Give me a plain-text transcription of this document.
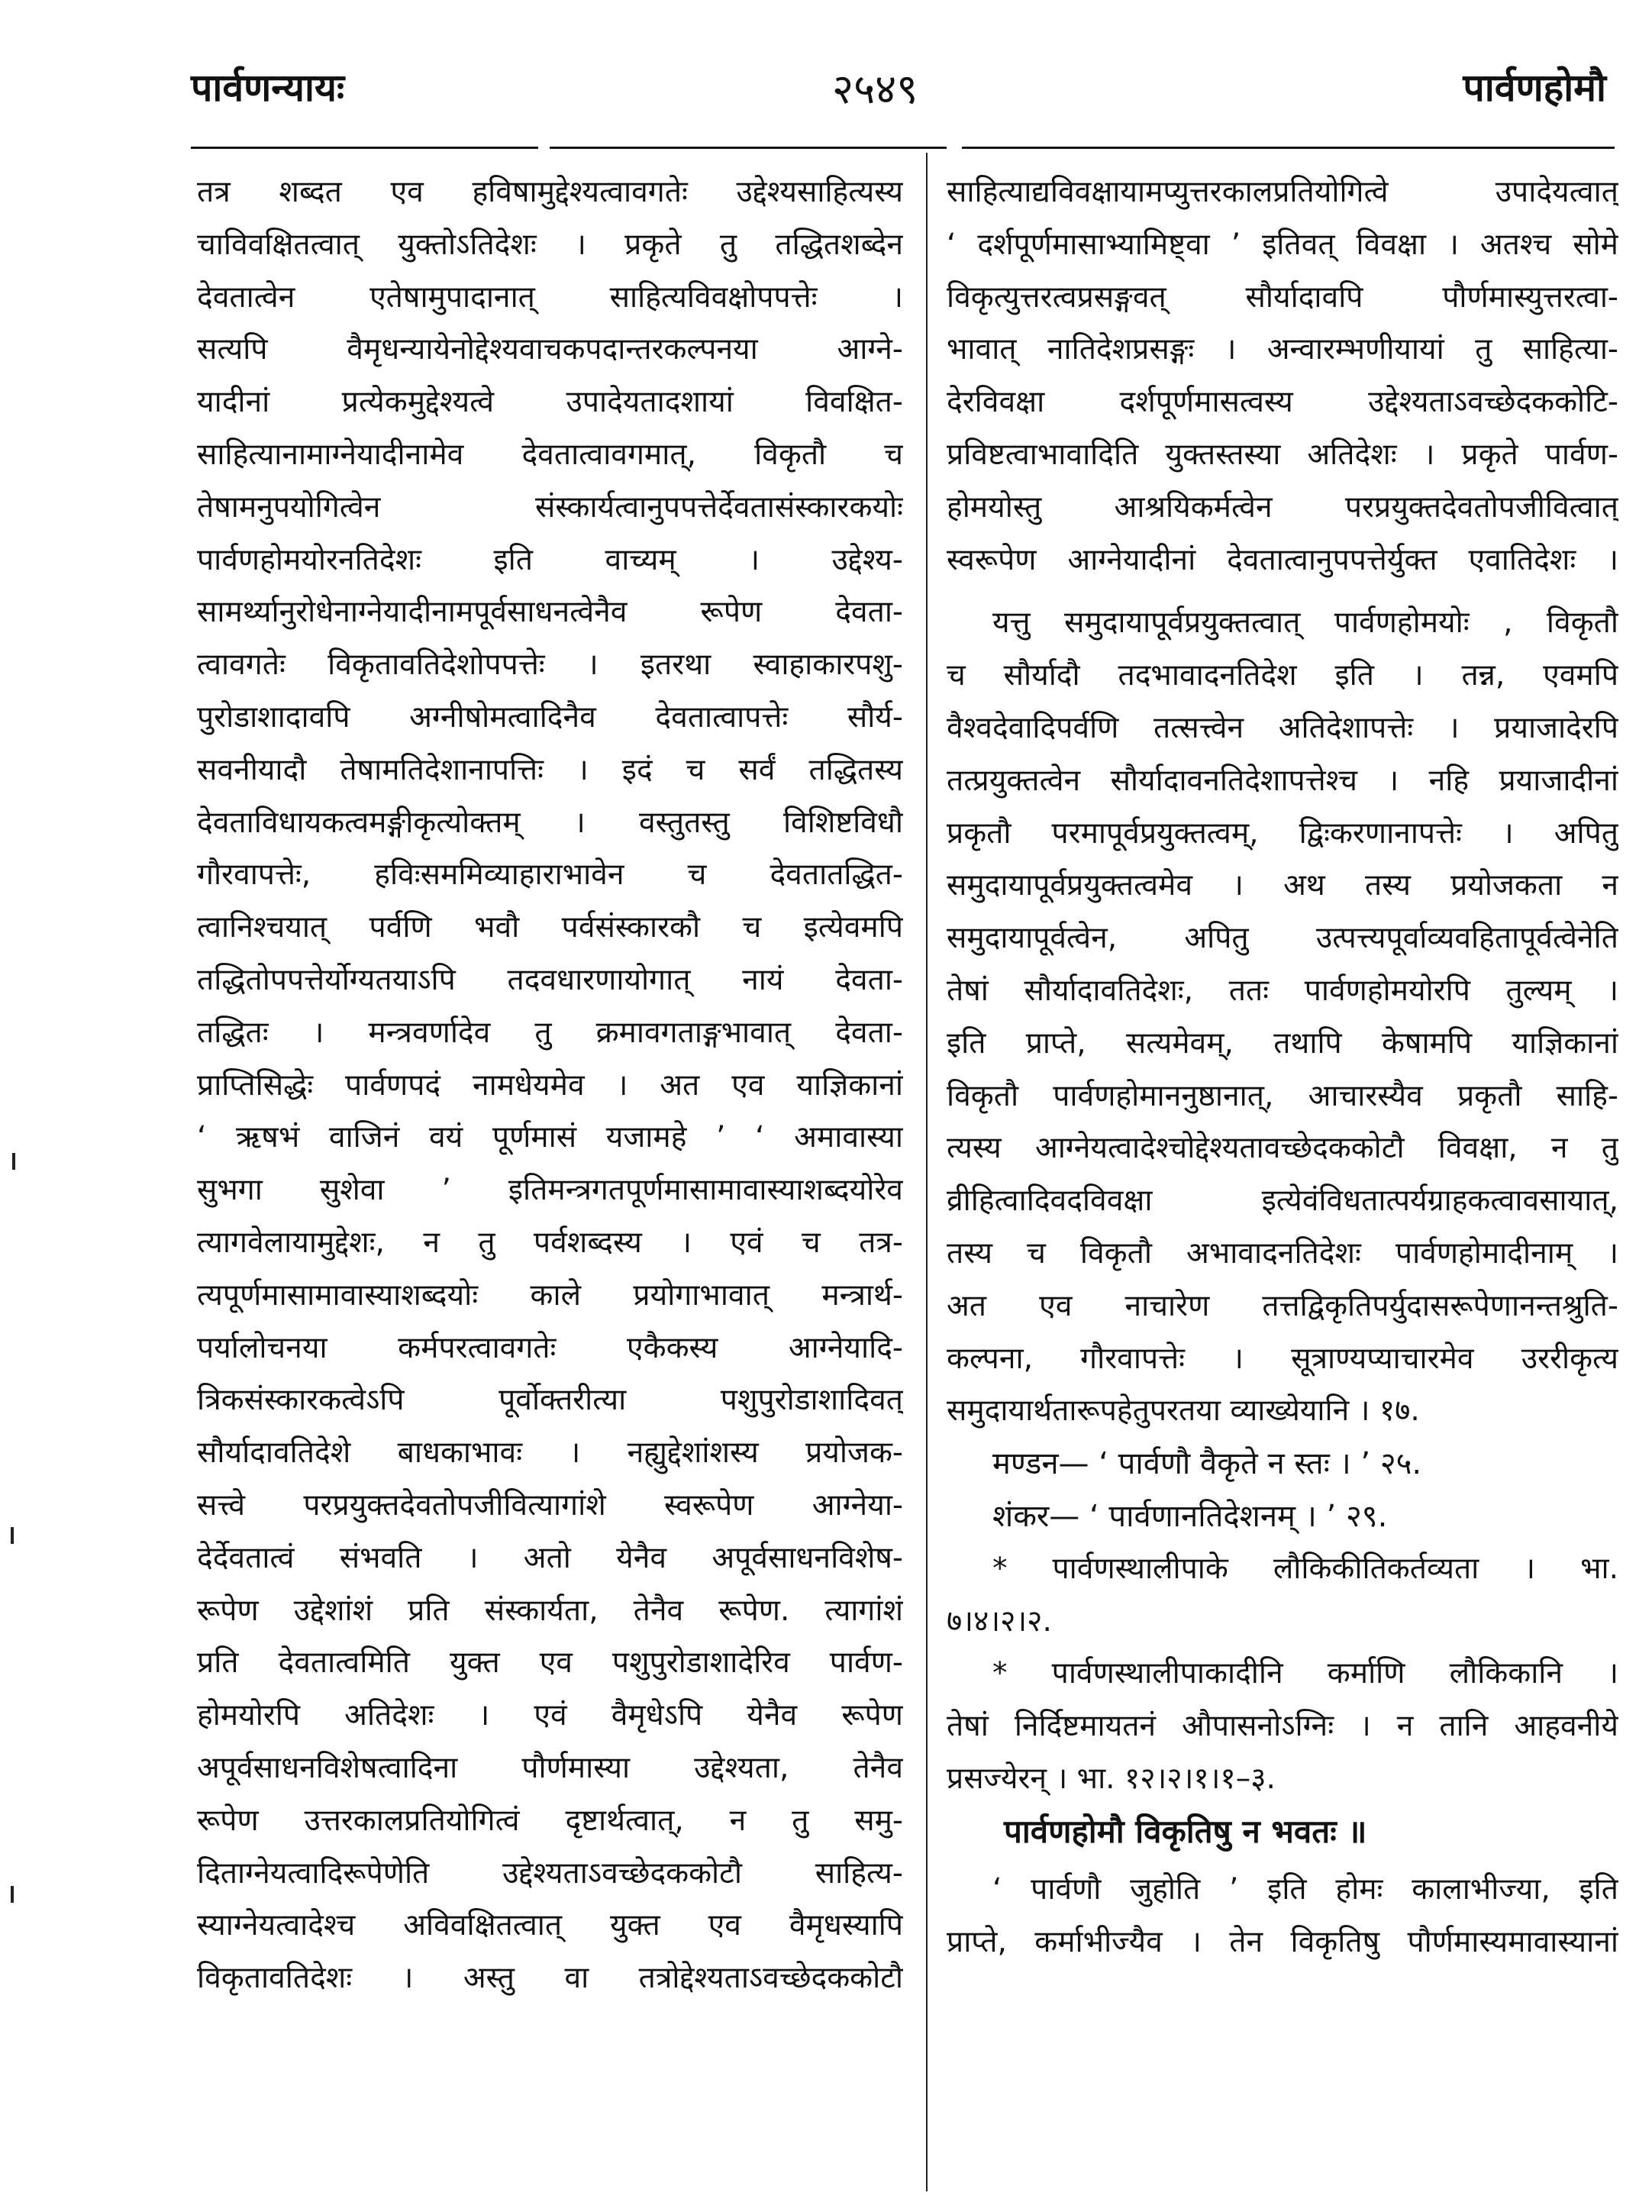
पार्वणन्यायः	२५४९	पार्वणहोमौ
तत्र शब्दत एव हविषामुद्देश्यत्वावगतेः उद्देश्यसाहित्यस्य
चाविवक्षितत्वात् युक्तोऽतिदेशः । प्रकृते तु तद्धितशब्देन
देवतात्वेन एतेषामुपादानात् साहित्यविवक्षोपपत्तेः ।
सत्यपि वैमृधन्यायेनोद्देश्यवाचकपदान्तरकल्पनया आग्ने-
यादीनां प्रत्येकमुद्देश्यत्वे उपादेयतादशायां विवक्षित-
साहित्यानामाग्नेयादीनामेव देवतात्वावगमात्, विकृतौ च
तेषामनुपयोगित्वेन संस्कार्यत्वानुपपत्तेर्देवतासंस्कारकयोः
पार्वणहोमयोरनतिदेशः इति वाच्यम् । उद्देश्य-
सामर्थ्यानुरोधेनाग्नेयादीनामपूर्वसाधनत्वेनैव रूपेण देवता-
त्वावगतेः विकृतावतिदेशोपपत्तेः । इतरथा स्वाहाकारपशु-
पुरोडाशादावपि अग्नीषोमत्वादिनैव देवतात्वापत्तेः सौर्य-
सवनीयादौ तेषामतिदेशानापत्तिः । इदं च सर्वं तद्धितस्य
देवताविधायकत्वमङ्गीकृत्योक्तम् । वस्तुतस्तु विशिष्टविधौ
गौरवापत्तेः, हविःसममिव्याहाराभावेन च देवतातद्धित-
त्वानिश्चयात् पर्वणि भवौ पर्वसंस्कारकौ च इत्येवमपि
तद्धितोपपत्तेर्योग्यतयाऽपि तदवधारणायोगात् नायं देवता-
तद्धितः । मन्त्रवर्णादेव तु क्रमावगताङ्गभावात् देवता-
प्राप्तिसिद्धेः पार्वणपदं नामधेयमेव । अत एव याज्ञिकानां
‘ ऋषभं वाजिनं वयं पूर्णमासं यजामहे ’ ‘ अमावास्या
सुभगा सुशेवा ’ इतिमन्त्रगतपूर्णमासामावास्याशब्दयोरेव
त्यागवेलायामुद्देशः, न तु पर्वशब्दस्य । एवं च तत्र-
त्यपूर्णमासामावास्याशब्दयोः काले प्रयोगाभावात् मन्त्रार्थ-
पर्यालोचनया कर्मपरत्वावगतेः एकैकस्य आग्नेयादि-
त्रिकसंस्कारकत्वेऽपि पूर्वोक्तरीत्या पशुपुरोडाशादिवत्
सौर्यादावतिदेशे बाधकाभावः । नह्युद्देशांशस्य प्रयोजक-
सत्त्वे परप्रयुक्तदेवतोपजीवित्यागांशे स्वरूपेण आग्नेया-
देर्देवतात्वं संभवति । अतो येनैव अपूर्वसाधनविशेष-
रूपेण उद्देशांशं प्रति संस्कार्यता, तेनैव रूपेण. त्यागांशं
प्रति देवतात्वमिति युक्त एव पशुपुरोडाशादेरिव पार्वण-
होमयोरपि अतिदेशः । एवं वैमृधेऽपि येनैव रूपेण
अपूर्वसाधनविशेषत्वादिना पौर्णमास्या उद्देश्यता, तेनैव
रूपेण उत्तरकालप्रतियोगित्वं दृष्टार्थत्वात्, न तु समु-
दिताग्नेयत्वादिरूपेणेति उद्देश्यताऽवच्छेदककोटौ साहित्य-
स्याग्नेयत्वादेश्च अविवक्षितत्वात् युक्त एव वैमृधस्यापि
विकृतावतिदेशः । अस्तु वा तत्रोद्देश्यताऽवच्छेदककोटौ
साहित्याद्यविवक्षायामप्युत्तरकालप्रतियोगित्वे उपादेयत्वात्
‘ दर्शपूर्णमासाभ्यामिष्ट्वा ’ इतिवत् विवक्षा । अतश्च सोमे
विकृत्युत्तरत्वप्रसङ्गवत् सौर्यादावपि पौर्णमास्युत्तरत्वा-
भावात् नातिदेशप्रसङ्गः । अन्वारम्भणीयायां तु साहित्या-
देरविवक्षा दर्शपूर्णमासत्वस्य उद्देश्यताऽवच्छेदककोटि-
प्रविष्टत्वाभावादिति युक्तस्तस्या अतिदेशः । प्रकृते पार्वण-
होमयोस्तु आश्रयिकर्मत्वेन परप्रयुक्तदेवतोपजीवित्वात्
स्वरूपेण आग्नेयादीनां देवतात्वानुपपत्तेर्युक्त एवातिदेशः ।
यत्तु समुदायापूर्वप्रयुक्तत्वात् पार्वणहोमयोः , विकृतौ
च सौर्यादौ तदभावादनतिदेश इति । तन्न, एवमपि
वैश्वदेवादिपर्वणि तत्सत्त्वेन अतिदेशापत्तेः । प्रयाजादेरपि
तत्प्रयुक्तत्वेन सौर्यादावनतिदेशापत्तेश्च । नहि प्रयाजादीनां
प्रकृतौ परमापूर्वप्रयुक्तत्वम्, द्विःकरणानापत्तेः । अपितु
समुदायापूर्वप्रयुक्तत्वमेव । अथ तस्य प्रयोजकता न
समुदायापूर्वत्वेन, अपितु उत्पत्त्यपूर्वाव्यवहितापूर्वत्वेनेति
तेषां सौर्यादावतिदेशः, ततः पार्वणहोमयोरपि तुल्यम् ।
इति प्राप्ते, सत्यमेवम्, तथापि केषामपि याज्ञिकानां
विकृतौ पार्वणहोमाननुष्ठानात्, आचारस्यैव प्रकृतौ साहि-
त्यस्य आग्नेयत्वादेश्चोद्देश्यतावच्छेदककोटौ विवक्षा, न तु
व्रीहित्वादिवदविवक्षा इत्येवंविधतात्पर्यग्राहकत्वावसायात्,
तस्य च विकृतौ अभावादनतिदेशः पार्वणहोमादीनाम् ।
अत एव नाचारेण तत्तद्विकृतिपर्युदासरूपेणानन्तश्रुति-
कल्पना, गौरवापत्तेः । सूत्राण्यप्याचारमेव उररीकृत्य
समुदायार्थतारूपहेतुपरतया व्याख्येयानि । १७.
मण्डन— ‘ पार्वणौ वैकृते न स्तः । ’ २५.
शंकर— ‘ पार्वणानतिदेशनम् । ’ २९.
* पार्वणस्थालीपाके लौकिकीतिकर्तव्यता । भा.
७।४।२।२.
* पार्वणस्थालीपाकादीनि कर्माणि लौकिकानि ।
तेषां निर्दिष्टमायतनं औपासनोऽग्निः । न तानि आहवनीये
प्रसज्येरन् । भा. १२।२।१।१–३.
पार्वणहोमौ विकृतिषु न भवतः ॥
‘ पार्वणौ जुहोति ’ इति होमः कालाभीज्या, इति
प्राप्ते, कर्माभीज्यैव । तेन विकृतिषु पौर्णमास्यमावास्यानां
